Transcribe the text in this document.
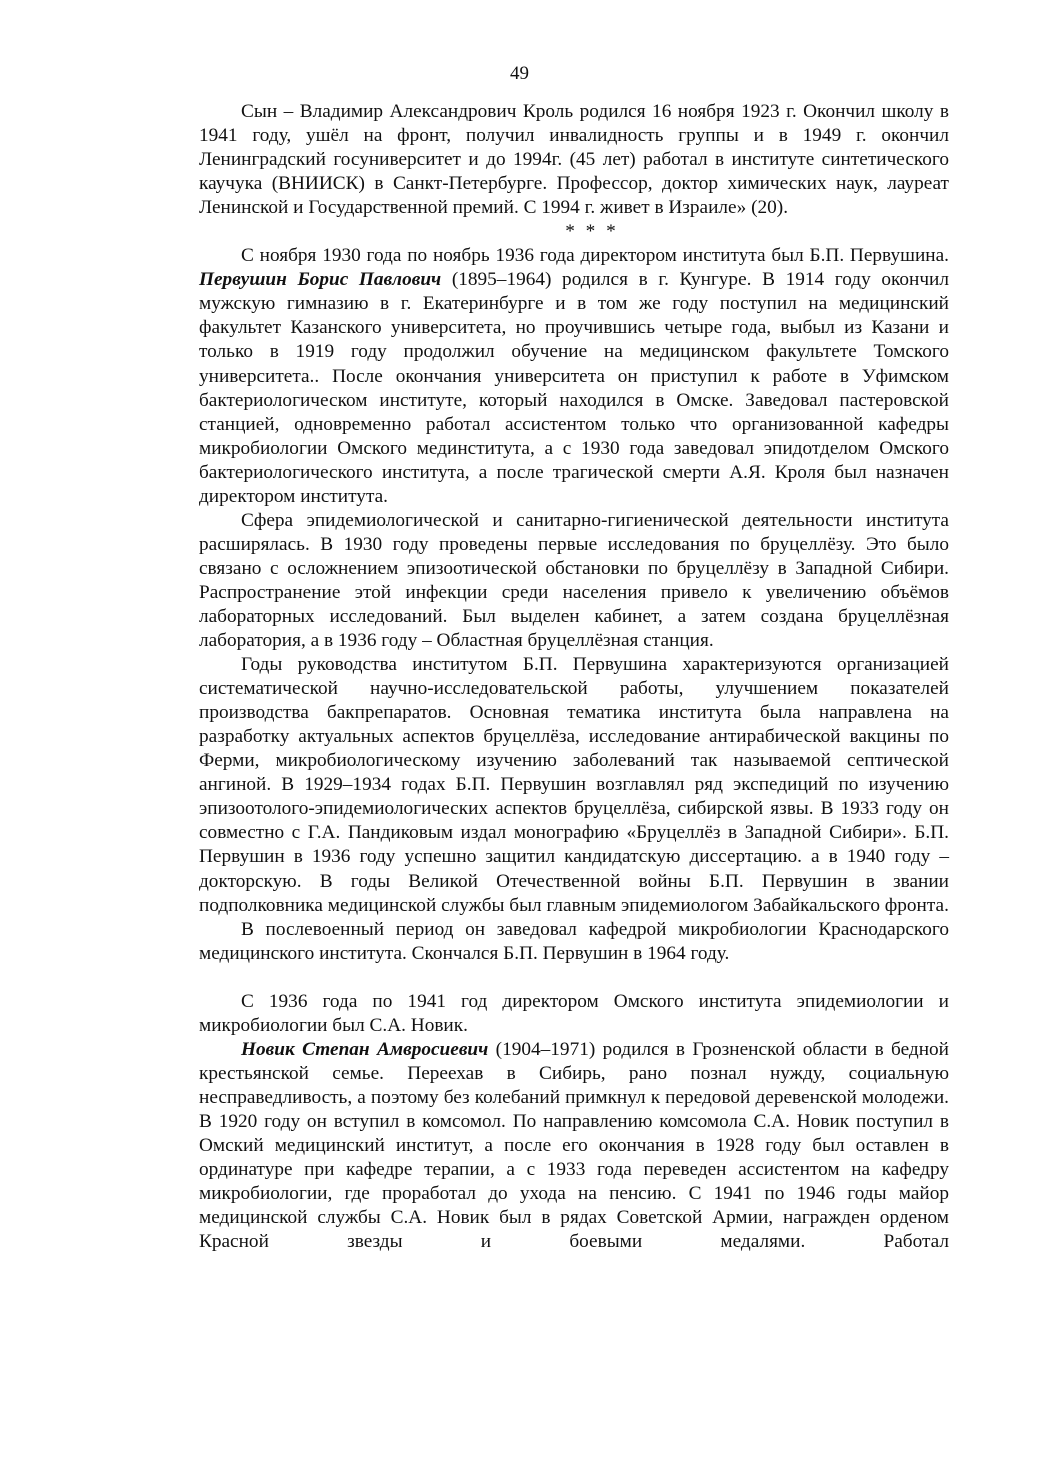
49

Сын – Владимир Александрович Кроль родился 16 ноября 1923 г. Окончил школу в 1941 году, ушёл на фронт, получил инвалидность группы и в 1949 г. окончил Ленинградский госуниверситет и до 1994г. (45 лет) работал в институте синтетического каучука (ВНИИСК) в Санкт-Петербурге. Профессор, доктор химических наук, лауреат Ленинской и Государственной премий. С 1994 г. живет в Израиле» (20).

* * *

С ноября 1930 года по ноябрь 1936 года директором института был Б.П. Первушина. Первушин Борис Павлович (1895–1964) родился в г. Кунгуре. В 1914 году окончил мужскую гимназию в г. Екатеринбурге и в том же году поступил на медицинский факультет Казанского университета, но проучившись четыре года, выбыл из Казани и только в 1919 году продолжил обучение на медицинском факультете Томского университета.. После окончания университета он приступил к работе в Уфимском бактериологическом институте, который находился в Омске. Заведовал пастеровской станцией, одновременно работал ассистентом только что организованной кафедры микробиологии Омского мединститута, а с 1930 года заведовал эпидотделом Омского бактериологического института, а после трагической смерти А.Я. Кроля был назначен директором института.

Сфера эпидемиологической и санитарно-гигиенической деятельности института расширялась. В 1930 году проведены первые исследования по бруцеллёзу. Это было связано с осложнением эпизоотической обстановки по бруцеллёзу в Западной Сибири. Распространение этой инфекции среди населения привело к увеличению объёмов лабораторных исследований. Был выделен кабинет, а затем создана бруцеллёзная лаборатория, а в 1936 году – Областная бруцеллёзная станция.

Годы руководства институтом Б.П. Первушина характеризуются организацией систематической научно-исследовательской работы, улучшением показателей производства бакпрепаратов. Основная тематика института была направлена на разработку актуальных аспектов бруцеллёза, исследование антирабической вакцины по Ферми, микробиологическому изучению заболеваний так называемой септической ангиной. В 1929–1934 годах Б.П. Первушин возглавлял ряд экспедиций по изучению эпизоотолого-эпидемиологических аспектов бруцеллёза, сибирской язвы. В 1933 году он совместно с Г.А. Пандиковым издал монографию «Бруцеллёз в Западной Сибири». Б.П. Первушин в 1936 году успешно защитил кандидатскую диссертацию. а в 1940 году – докторскую. В годы Великой Отечественной войны Б.П. Первушин в звании подполковника медицинской службы был главным эпидемиологом Забайкальского фронта.

В послевоенный период он заведовал кафедрой микробиологии Краснодарского медицинского института. Скончался Б.П. Первушин в 1964 году.

С 1936 года по 1941 год директором Омского института эпидемиологии и микробиологии был С.А. Новик.

Новик Степан Амвросиевич (1904–1971) родился в Грозненской области в бедной крестьянской семье. Переехав в Сибирь, рано познал нужду, социальную несправедливость, а поэтому без колебаний примкнул к передовой деревенской молодежи. В 1920 году он вступил в комсомол. По направлению комсомола С.А. Новик поступил в Омский медицинский институт, а после его окончания в 1928 году был оставлен в ординатуре при кафедре терапии, а с 1933 года переведен ассистентом на кафедру микробиологии, где проработал до ухода на пенсию. С 1941 по 1946 годы майор медицинской службы С.А. Новик был в рядах Советской Армии, награжден орденом Красной звезды и боевыми медалями. Работал
